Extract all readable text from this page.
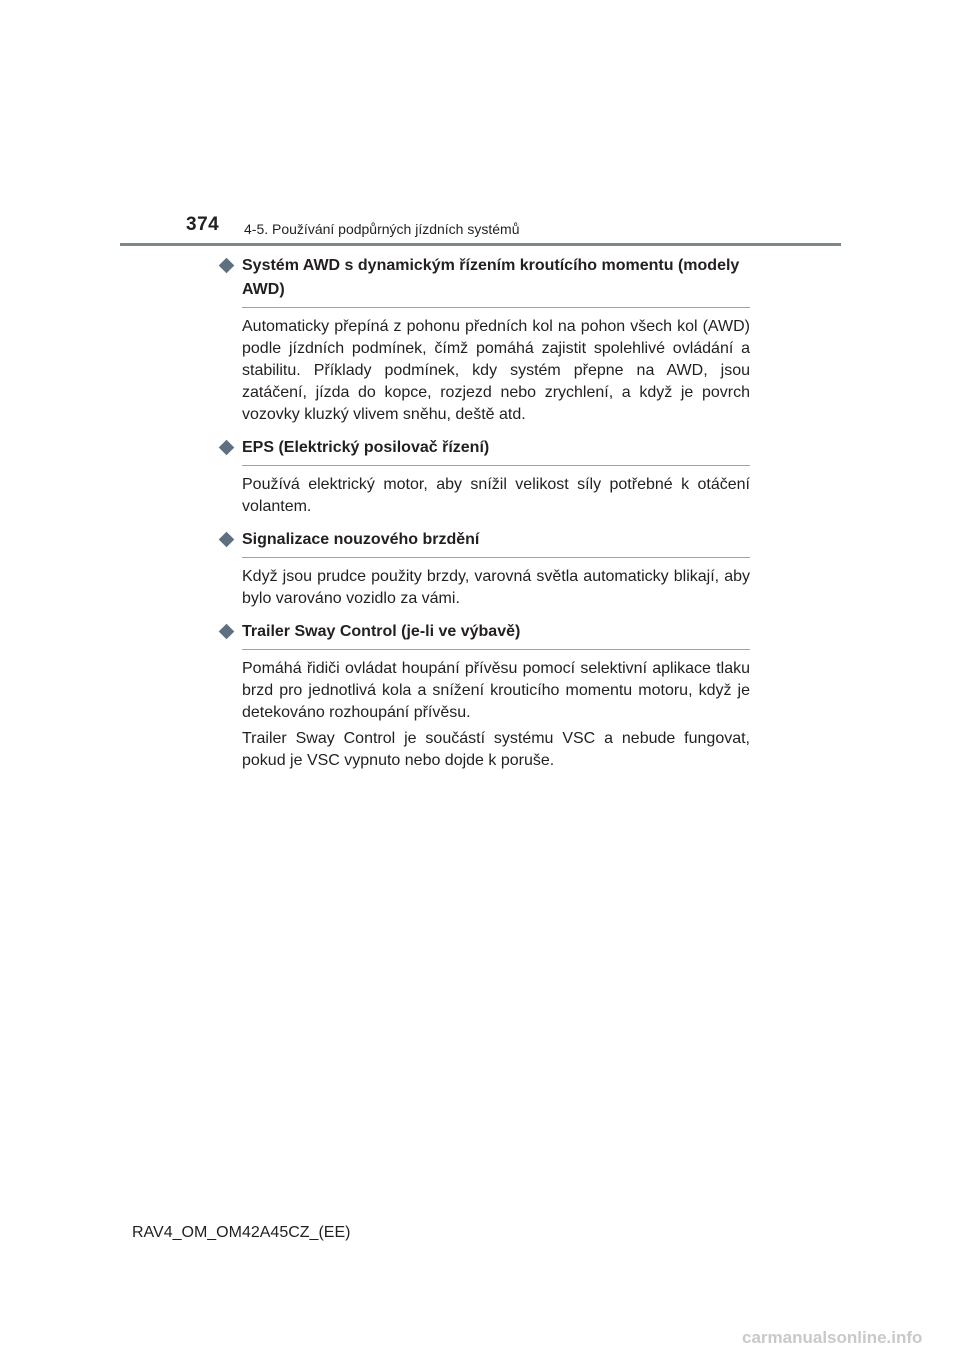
374 4-5. Používání podpůrných jízdních systémů
Systém AWD s dynamickým řízením kroutícího momentu (modely AWD)

Automaticky přepíná z pohonu předních kol na pohon všech kol (AWD) podle jízdních podmínek, čímž pomáhá zajistit spolehlivé ovládání a stabilitu. Příklady podmínek, kdy systém přepne na AWD, jsou zatáčení, jízda do kopce, rozjezd nebo zrychlení, a když je povrch vozovky kluzký vlivem sněhu, deště atd.

EPS (Elektrický posilovač řízení)

Používá elektrický motor, aby snížil velikost síly potřebné k otáčení volantem.

Signalizace nouzového brzdění

Když jsou prudce použity brzdy, varovná světla automaticky blikají, aby bylo varováno vozidlo za vámi.

Trailer Sway Control (je-li ve výbavě)

Pomáhá řidiči ovládat houpání přívěsu pomocí selektivní aplikace tlaku brzd pro jednotlivá kola a snížení krouticího momentu motoru, když je detekováno rozhoupání přívěsu.

Trailer Sway Control je součástí systému VSC a nebude fungovat, pokud je VSC vypnuto nebo dojde k poruše.

RAV4_OM_OM42A45CZ_(EE)
carmanualsonline.info
